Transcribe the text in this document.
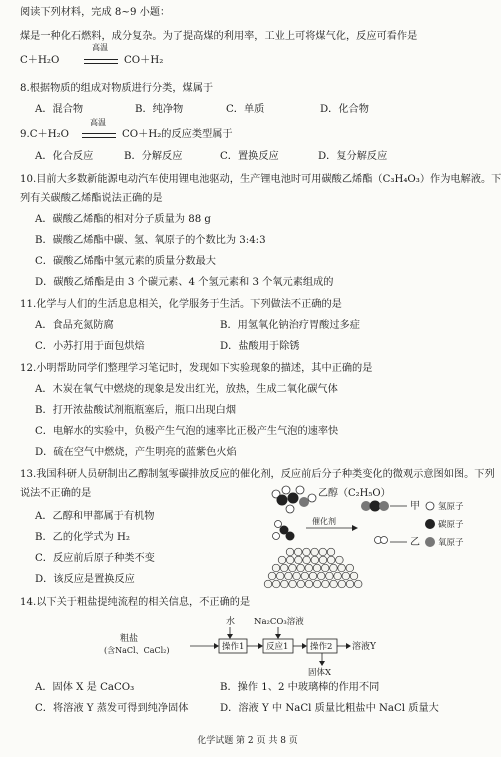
阅读下列材料，完成 8~9 小题：
煤是一种化石燃料，成分复杂。为了提高煤的利用率，工业上可将煤气化，反应可看作是
C＋H₂O
高温
CO＋H₂
8.根据物质的组成对物质进行分类，煤属于
A．混合物	B．纯净物	C．单质	D．化合物
9.C＋H₂O
高温
CO＋H₂的反应类型属于
A．化合反应	B．分解反应	C．置换反应	D．复分解反应
10.目前大多数新能源电动汽车使用锂电池驱动，生产锂电池时可用碳酸乙烯酯（C₃H₄O₃）作为电解液。下
列有关碳酸乙烯酯说法正确的是
A．碳酸乙烯酯的相对分子质量为 88 g
B．碳酸乙烯酯中碳、氢、氧原子的个数比为 3:4:3
C．碳酸乙烯酯中氢元素的质量分数最大
D．碳酸乙烯酯是由 3 个碳元素、4 个氢元素和 3 个氧元素组成的
11.化学与人们的生活息息相关，化学服务于生活。下列做法不正确的是
A．食品充氮防腐	B．用氢氧化钠治疗胃酸过多症
C．小苏打用于面包烘焙	D．盐酸用于除锈
12.小明帮助同学们整理学习笔记时，发现如下实验现象的描述，其中正确的是
A．木炭在氧气中燃烧的现象是发出红光，放热，生成二氧化碳气体
B．打开浓盐酸试剂瓶瓶塞后，瓶口出现白烟
C．电解水的实验中，负极产生气泡的速率比正极产生气泡的速率快
D．硫在空气中燃烧，产生明亮的蓝紫色火焰
13.我国科研人员研制出乙醇制氢零碳排放反应的催化剂，反应前后分子种类变化的微观示意图如图。下列
说法不正确的是
A．乙醇和甲都属于有机物
B．乙的化学式为 H₂
C．反应前后原子种类不变
D．该反应是置换反应
乙醇（C₂H₅O）
甲
乙
催化剂
氢原子
碳原子
氧原子
14.以下关于粗盐提纯流程的相关信息，不正确的是
水 Na₂CO₃溶液
粗盐
(含NaCl、CaCl₂)	操作1	反应1	操作2 溶液Y
固体X
A．固体 X 是 CaCO₃	B．操作 1、2 中玻璃棒的作用不同
C．将溶液 Y 蒸发可得到纯净固体	D．溶液 Y 中 NaCl 质量比粗盐中 NaCl 质量大
化学试题 第 2 页 共 8 页
